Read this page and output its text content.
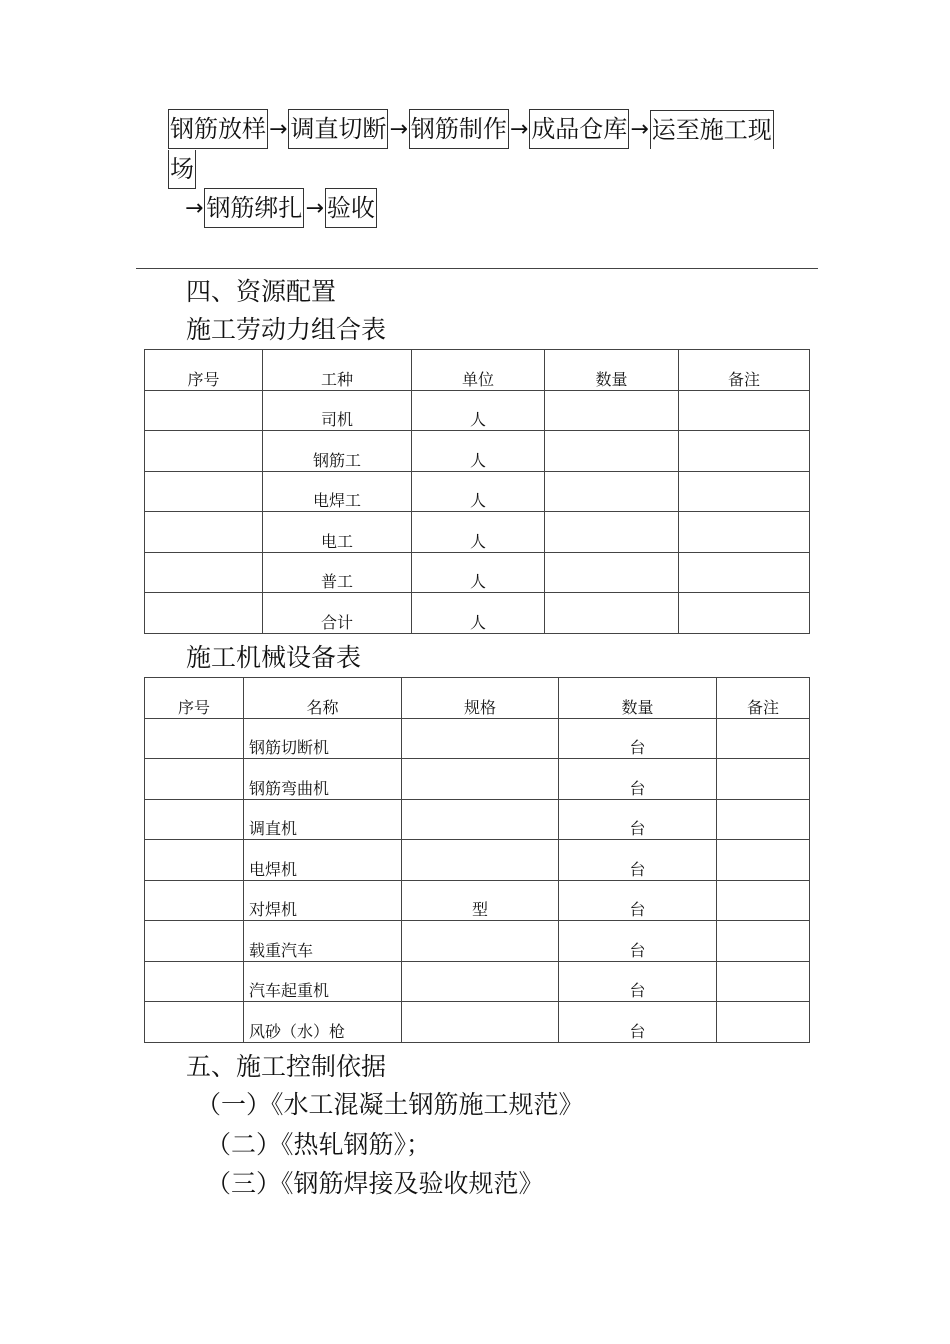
钢筋放样 → 调直切断 → 钢筋制作 → 成品仓库 → 运至施工现
场
→ 钢筋绑扎 → 验收
四、资源配置
施工劳动力组合表
序号	工种	单位	数量	备注
	司机	人		
	钢筋工	人		
	电焊工	人		
	电工	人		
	普工	人		
	合计	人		
施工机械设备表
序号	名称	规格	数量	备注
	钢筋切断机		台	
	钢筋弯曲机		台	
	调直机		台	
	电焊机		台	
	对焊机	型	台	
	载重汽车		台	
	汽车起重机		台	
	风砂（水）枪		台	
五、施工控制依据
（一）《水工混凝土钢筋施工规范》
（二）《热轧钢筋》；
（三）《钢筋焊接及验收规范》
